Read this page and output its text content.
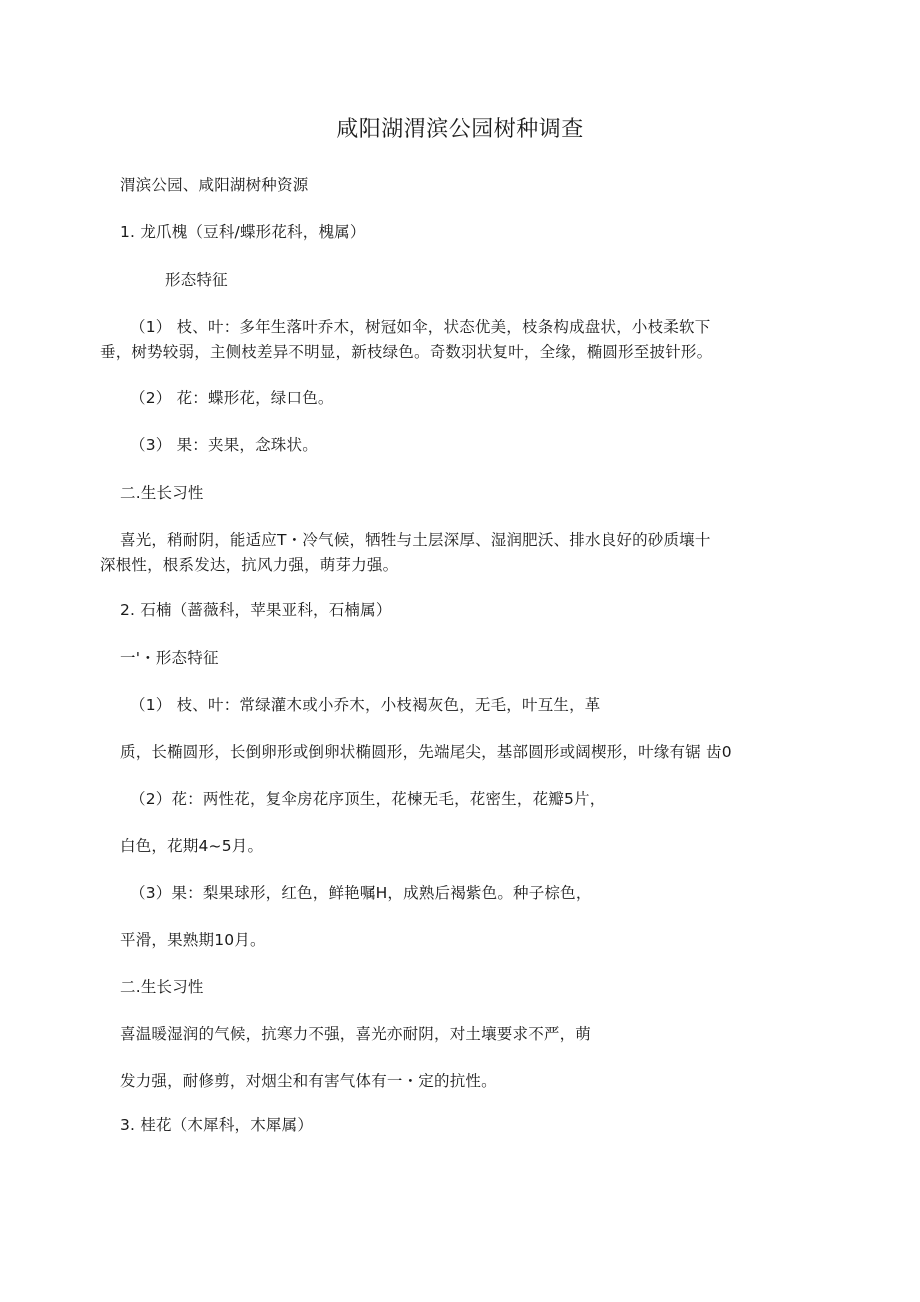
咸阳湖渭滨公园树种调查
渭滨公园、咸阳湖树种资源
1. 龙爪槐（豆科/蝶形花科，槐属）
形态特征
（1） 枝、叶：多年生落叶乔木，树冠如伞，状态优美，枝条构成盘状，小枝柔软下
垂，树势较弱，主侧枝差异不明显，新枝绿色。奇数羽状复叶，全缘，椭圆形至披针形。
（2） 花：蝶形花，绿口色。
（3） 果：夹果，念珠状。
二.生长习性
喜光，稍耐阴，能适应T・冷气候，牺牲与土层深厚、湿润肥沃、排水良好的砂质壤十
深根性，根系发达，抗风力强，萌芽力强。
2. 石楠（蔷薇科，苹果亚科，石楠属）
一'・形态特征
（1） 枝、叶：常绿灌木或小乔木，小枝褐灰色，无毛，叶互生，革
质，长椭圆形，长倒卵形或倒卵状椭圆形，先端尾尖，基部圆形或阔楔形，叶缘有锯 齿0
（2）花：两性花，复伞房花序顶生，花楝无毛，花密生，花瓣5片，
白色，花期4~5月。
（3）果：梨果球形，红色，鲜艳嘱H，成熟后褐紫色。种子棕色，
平滑，果熟期10月。
二.生长习性
喜温暖湿润的气候，抗寒力不强，喜光亦耐阴，对土壤要求不严，萌
发力强，耐修剪，对烟尘和有害气体有一・定的抗性。
3. 桂花（木犀科，木犀属）
